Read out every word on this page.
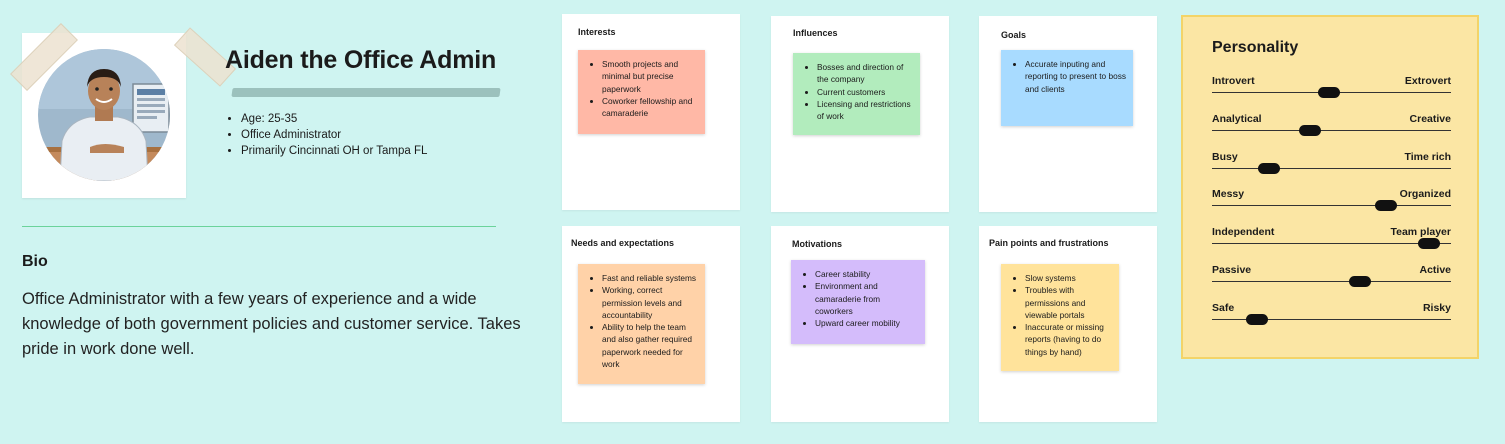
Aiden the Office Admin
• Age: 25-35
• Office Administrator
• Primarily Cincinnati OH or Tampa FL
Bio
Office Administrator with a few years of experience and a wide knowledge of both government policies and customer service. Takes pride in work done well.
Interests
• Smooth projects and minimal but precise paperwork
• Coworker fellowship and camaraderie
Influences
• Bosses and direction of the company
• Current customers
• Licensing and restrictions of work
Goals
• Accurate inputing and reporting to present to boss and clients
Needs and expectations
• Fast and reliable systems
• Working, correct permission levels and accountability
• Ability to help the team and also gather required paperwork needed for work
Motivations
• Career stability
• Environment and camaraderie from coworkers
• Upward career mobility
Pain points and frustrations
• Slow systems
• Troubles with permissions and viewable portals
• Inaccurate or missing reports (having to do things by hand)
Personality
Introvert	Extrovert
Analytical	Creative
Busy	Time rich
Messy	Organized
Independent	Team player
Passive	Active
Safe	Risky
